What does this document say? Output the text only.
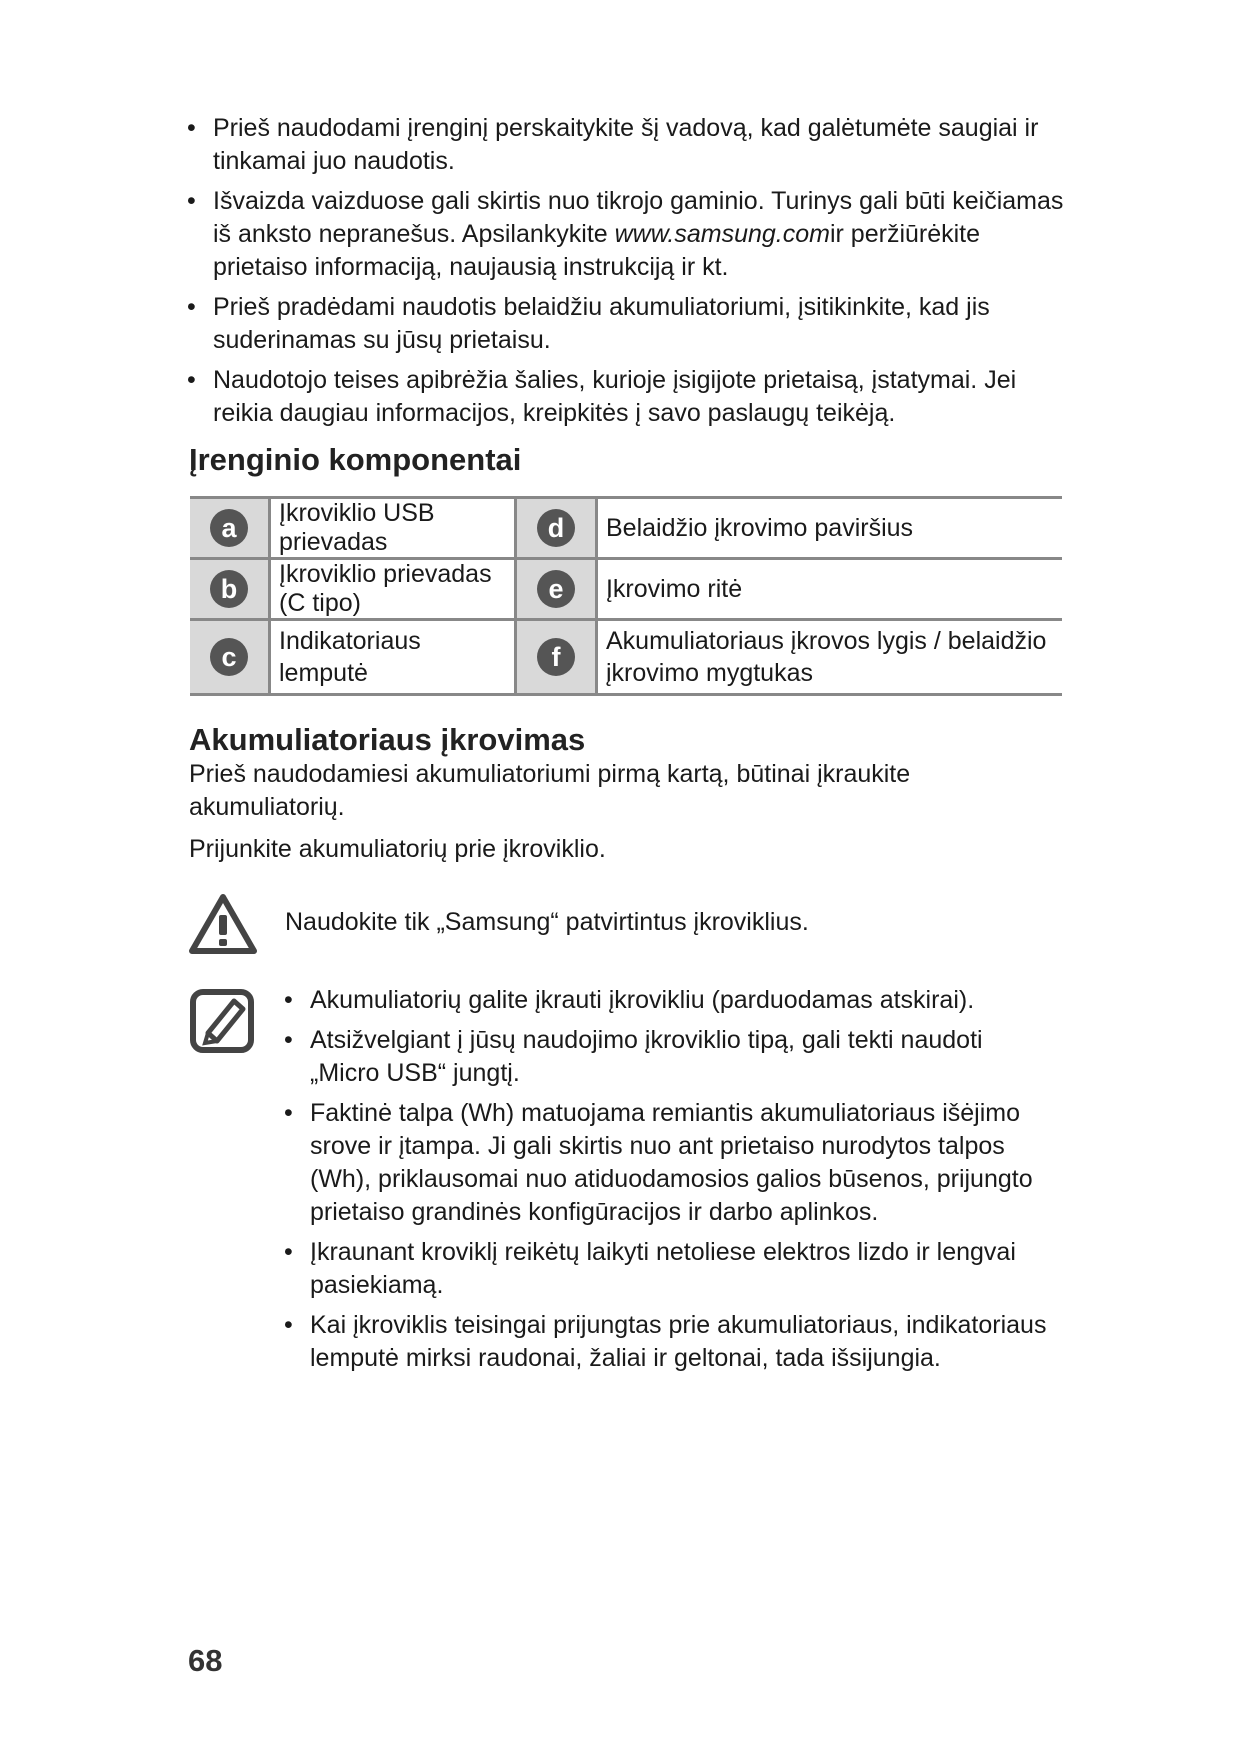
• Prieš naudodami įrenginį perskaitykite šį vadovą, kad galėtumėte saugiai ir tinkamai juo naudotis.
• Išvaizda vaizduose gali skirtis nuo tikrojo gaminio. Turinys gali būti keičiamas iš anksto nepranešus. Apsilankykite www.samsung.comir peržiūrėkite prietaiso informaciją, naujausią instrukciją ir kt.
• Prieš pradėdami naudotis belaidžiu akumuliatoriumi, įsitikinkite, kad jis suderinamas su jūsų prietaisu.
• Naudotojo teises apibrėžia šalies, kurioje įsigijote prietaisą, įstatymai. Jei reikia daugiau informacijos, kreipkitės į savo paslaugų teikėją.
Įrenginio komponentai
a	Įkroviklio USB prievadas	d	Belaidžio įkrovimo paviršius
b	Įkroviklio prievadas (C tipo)	e	Įkrovimo ritė
c	Indikatoriaus lemputė	f	Akumuliatoriaus įkrovos lygis / belaidžio įkrovimo mygtukas
Akumuliatoriaus įkrovimas

Prieš naudodamiesi akumuliatoriumi pirmą kartą, būtinai įkraukite akumuliatorių.

Prijunkite akumuliatorių prie įkroviklio.

Naudokite tik „Samsung“ patvirtintus įkroviklius.
• Akumuliatorių galite įkrauti įkrovikliu (parduodamas atskirai).
• Atsižvelgiant į jūsų naudojimo įkroviklio tipą, gali tekti naudoti „Micro USB“ jungtį.
• Faktinė talpa (Wh) matuojama remiantis akumuliatoriaus išėjimo srove ir įtampa. Ji gali skirtis nuo ant prietaiso nurodytos talpos (Wh), priklausomai nuo atiduodamosios galios būsenos, prijungto prietaiso grandinės konfigūracijos ir darbo aplinkos.
• Įkraunant kroviklį reikėtų laikyti netoliese elektros lizdo ir lengvai pasiekiamą.
• Kai įkroviklis teisingai prijungtas prie akumuliatoriaus, indikatoriaus lemputė mirksi raudonai, žaliai ir geltonai, tada išsijungia.
68
